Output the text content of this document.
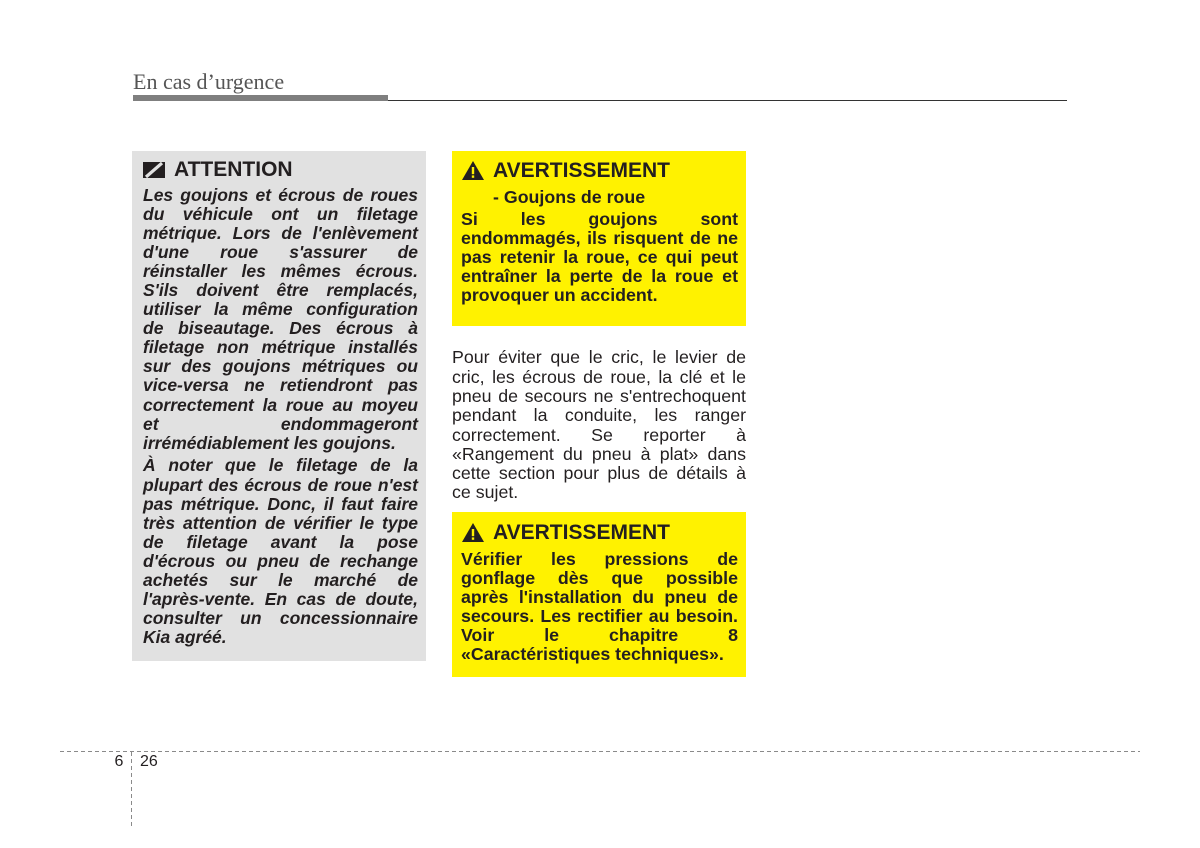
En cas d’urgence
ATTENTION
Les goujons et écrous de roues
du véhicule ont un filetage
métrique. Lors de l'enlèvement
d'une roue s'assurer de
réinstaller les mêmes écrous.
S'ils doivent être remplacés,
utiliser la même configuration
de biseautage. Des écrous à
filetage non métrique installés
sur des goujons métriques ou
vice-versa ne retiendront pas
correctement la roue au moyeu
et endommageront
irrémédiablement les goujons.
À noter que le filetage de la
plupart des écrous de roue n'est
pas métrique. Donc, il faut faire
très attention de vérifier le type
de filetage avant la pose
d'écrous ou pneu de rechange
achetés sur le marché de
l'après-vente. En cas de doute,
consulter un concessionnaire
Kia agréé.
AVERTISSEMENT
- Goujons de roue
Si les goujons sont
endommagés, ils risquent de ne
pas retenir la roue, ce qui peut
entraîner la perte de la roue et
provoquer un accident.
Pour éviter que le cric, le levier de
cric, les écrous de roue, la clé et le
pneu de secours ne s'entrechoquent
pendant la conduite, les ranger
correctement. Se reporter à
«Rangement du pneu à plat» dans
cette section pour plus de détails à
ce sujet.
AVERTISSEMENT
Vérifier les pressions de
gonflage dès que possible
après l'installation du pneu de
secours. Les rectifier au besoin.
Voir le chapitre 8
«Caractéristiques techniques».
6 26
